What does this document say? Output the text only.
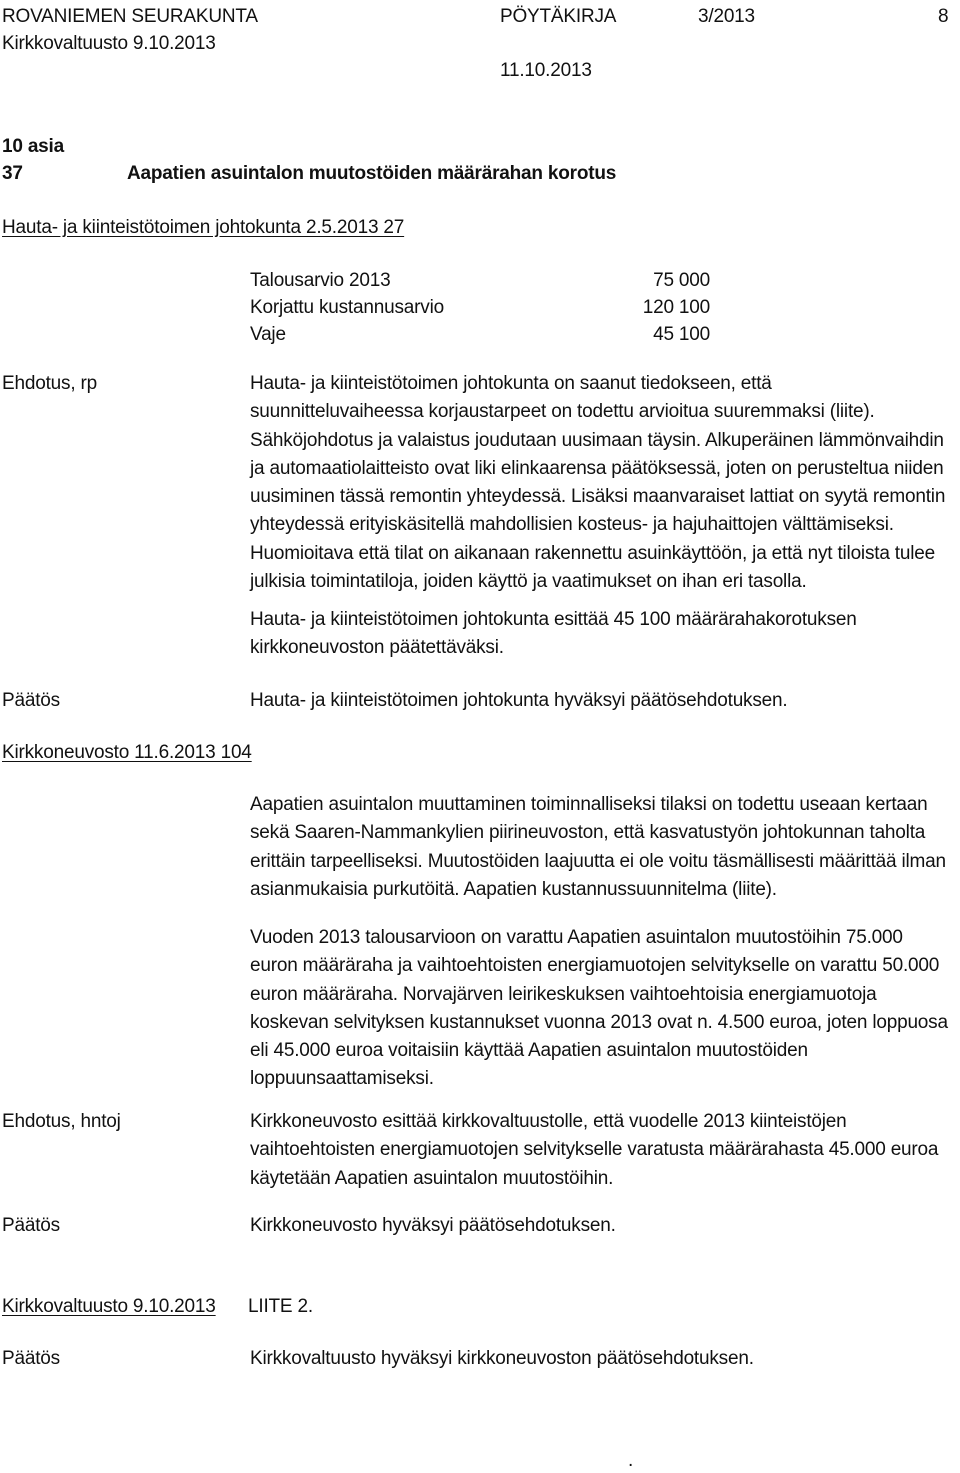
ROVANIEMEN SEURAKUNTA	PÖYTÄKIRJA	3/2013	8
Kirkkovaltuusto 9.10.2013
11.10.2013
10 asia
37	Aapatien asuintalon muutostöiden määrärahan korotus
Hauta- ja kiinteistötoimen johtokunta 2.5.2013 27
Talousarvio 2013	75 000
Korjattu kustannusarvio	120 100
Vaje	45 100
Ehdotus, rp	Hauta- ja kiinteistötoimen johtokunta on saanut tiedokseen, että
suunnitteluvaiheessa korjaustarpeet on todettu arvioitua suuremmaksi (liite).
Sähköjohdotus ja valaistus joudutaan uusimaan täysin. Alkuperäinen lämmönvaihdin
ja automaatiolaitteisto ovat liki elinkaarensa päätöksessä, joten on perusteltua niiden
uusiminen tässä remontin yhteydessä. Lisäksi maanvaraiset lattiat on syytä remontin
yhteydessä erityiskäsitellä mahdollisien kosteus- ja hajuhaittojen välttämiseksi.
Huomioitava että tilat on aikanaan rakennettu asuinkäyttöön, ja että nyt tiloista tulee
julkisia toimintatiloja, joiden käyttö ja vaatimukset on ihan eri tasolla.
Hauta- ja kiinteistötoimen johtokunta esittää 45 100 määrärahakorotuksen
kirkkoneuvoston päätettäväksi.
Päätös	Hauta- ja kiinteistötoimen johtokunta hyväksyi päätösehdotuksen.
Kirkkoneuvosto 11.6.2013 104
Aapatien asuintalon muuttaminen toiminnalliseksi tilaksi on todettu useaan kertaan
sekä Saaren-Nammankylien piirineuvoston, että kasvatustyön johtokunnan taholta
erittäin tarpeelliseksi. Muutostöiden laajuutta ei ole voitu täsmällisesti määrittää ilman
asianmukaisia purkutöitä. Aapatien kustannussuunnitelma (liite).
Vuoden 2013 talousarvioon on varattu Aapatien asuintalon muutostöihin 75.000
euron määräraha ja vaihtoehtoisten energiamuotojen selvitykselle on varattu 50.000
euron määräraha. Norvajärven leirikeskuksen vaihtoehtoisia energiamuotoja
koskevan selvityksen kustannukset vuonna 2013 ovat n. 4.500 euroa, joten loppuosa
eli 45.000 euroa voitaisiin käyttää Aapatien asuintalon muutostöiden
loppuunsaattamiseksi.
Ehdotus, hntoj	Kirkkoneuvosto esittää kirkkovaltuustolle, että vuodelle 2013 kiinteistöjen
vaihtoehtoisten energiamuotojen selvitykselle varatusta määrärahasta 45.000 euroa
käytetään Aapatien asuintalon muutostöihin.
Päätös	Kirkkoneuvosto hyväksyi päätösehdotuksen.
Kirkkovaltuusto 9.10.2013 LIITE 2.
Päätös	Kirkkovaltuusto hyväksyi kirkkoneuvoston päätösehdotuksen.
.
